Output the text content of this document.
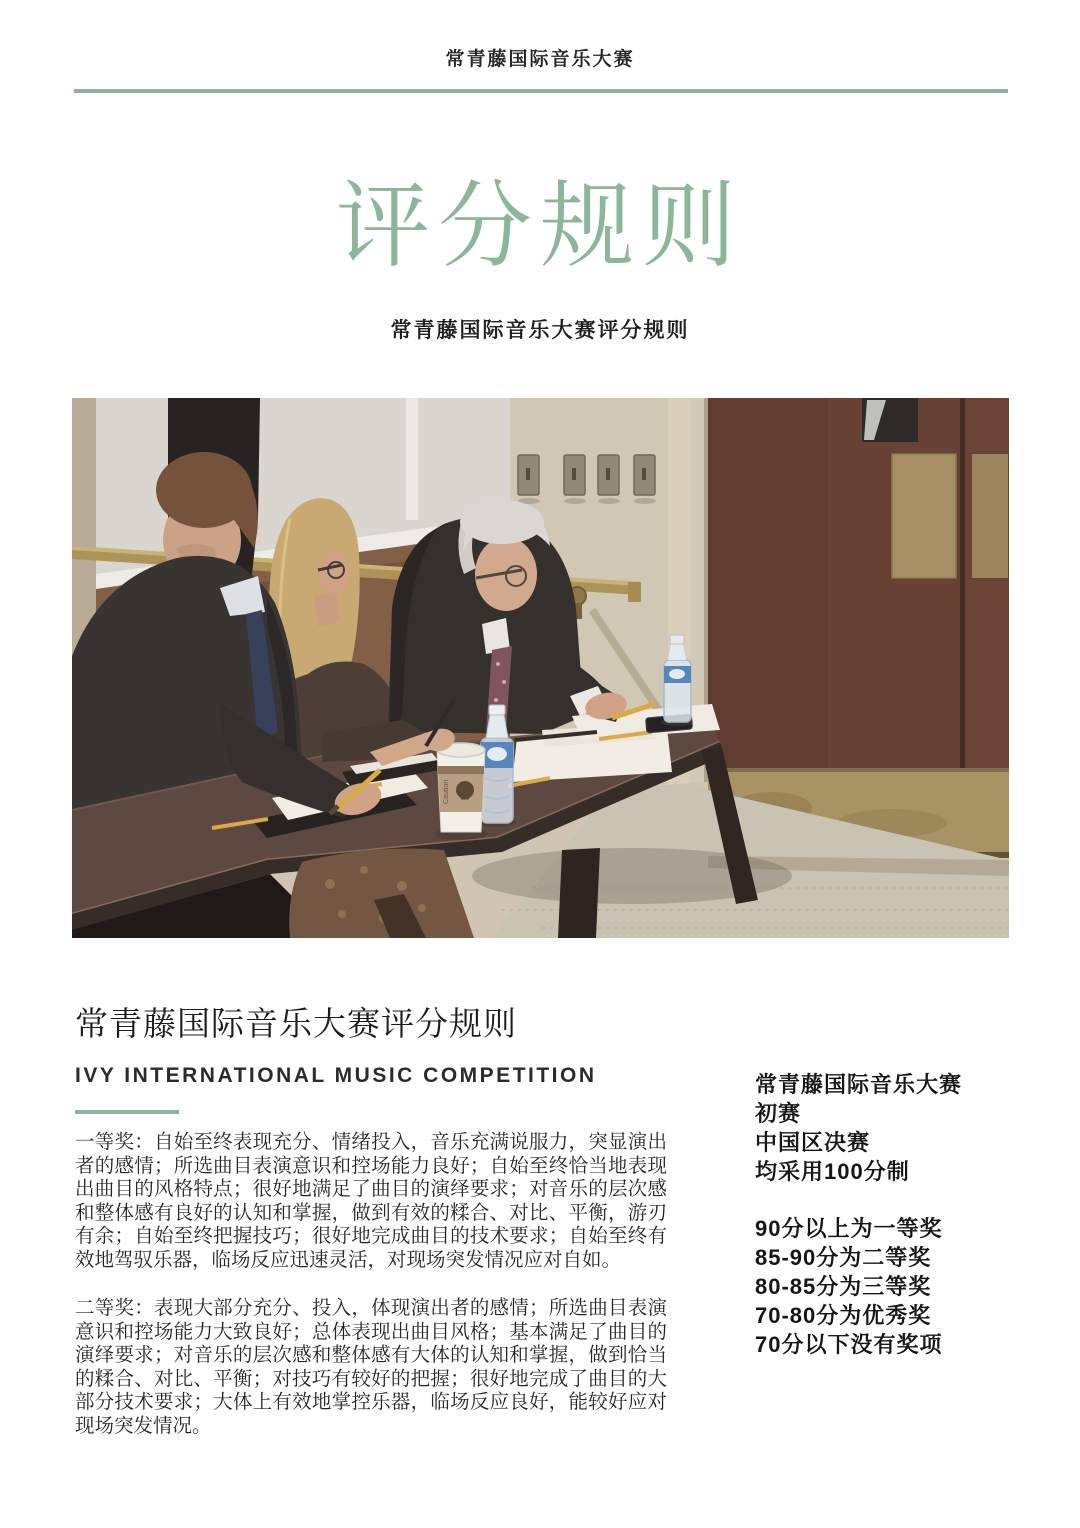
常青藤国际音乐大赛
评分规则
常青藤国际音乐大赛评分规则
Caution
常青藤国际音乐大赛评分规则
IVY INTERNATIONAL MUSIC COMPETITION

一等奖：自始至终表现充分、情绪投入，音乐充满说服力，突显演出者的感情；所选曲目表演意识和控场能力良好；自始至终恰当地表现出曲目的风格特点；很好地满足了曲目的演绎要求；对音乐的层次感和整体感有良好的认知和掌握，做到有效的糅合、对比、平衡，游刃有余；自始至终把握技巧；很好地完成曲目的技术要求；自始至终有效地驾驭乐器，临场反应迅速灵活，对现场突发情况应对自如。

二等奖：表现大部分充分、投入，体现演出者的感情；所选曲目表演意识和控场能力大致良好；总体表现出曲目风格；基本满足了曲目的演绎要求；对音乐的层次感和整体感有大体的认知和掌握，做到恰当的糅合、对比、平衡；对技巧有较好的把握；很好地完成了曲目的大部分技术要求；大体上有效地掌控乐器，临场反应良好，能较好应对现场突发情况。

常青藤国际音乐大赛
初赛
中国区决赛
均采用100分制
90分以上为一等奖
85-90分为二等奖
80-85分为三等奖
70-80分为优秀奖
70分以下没有奖项
